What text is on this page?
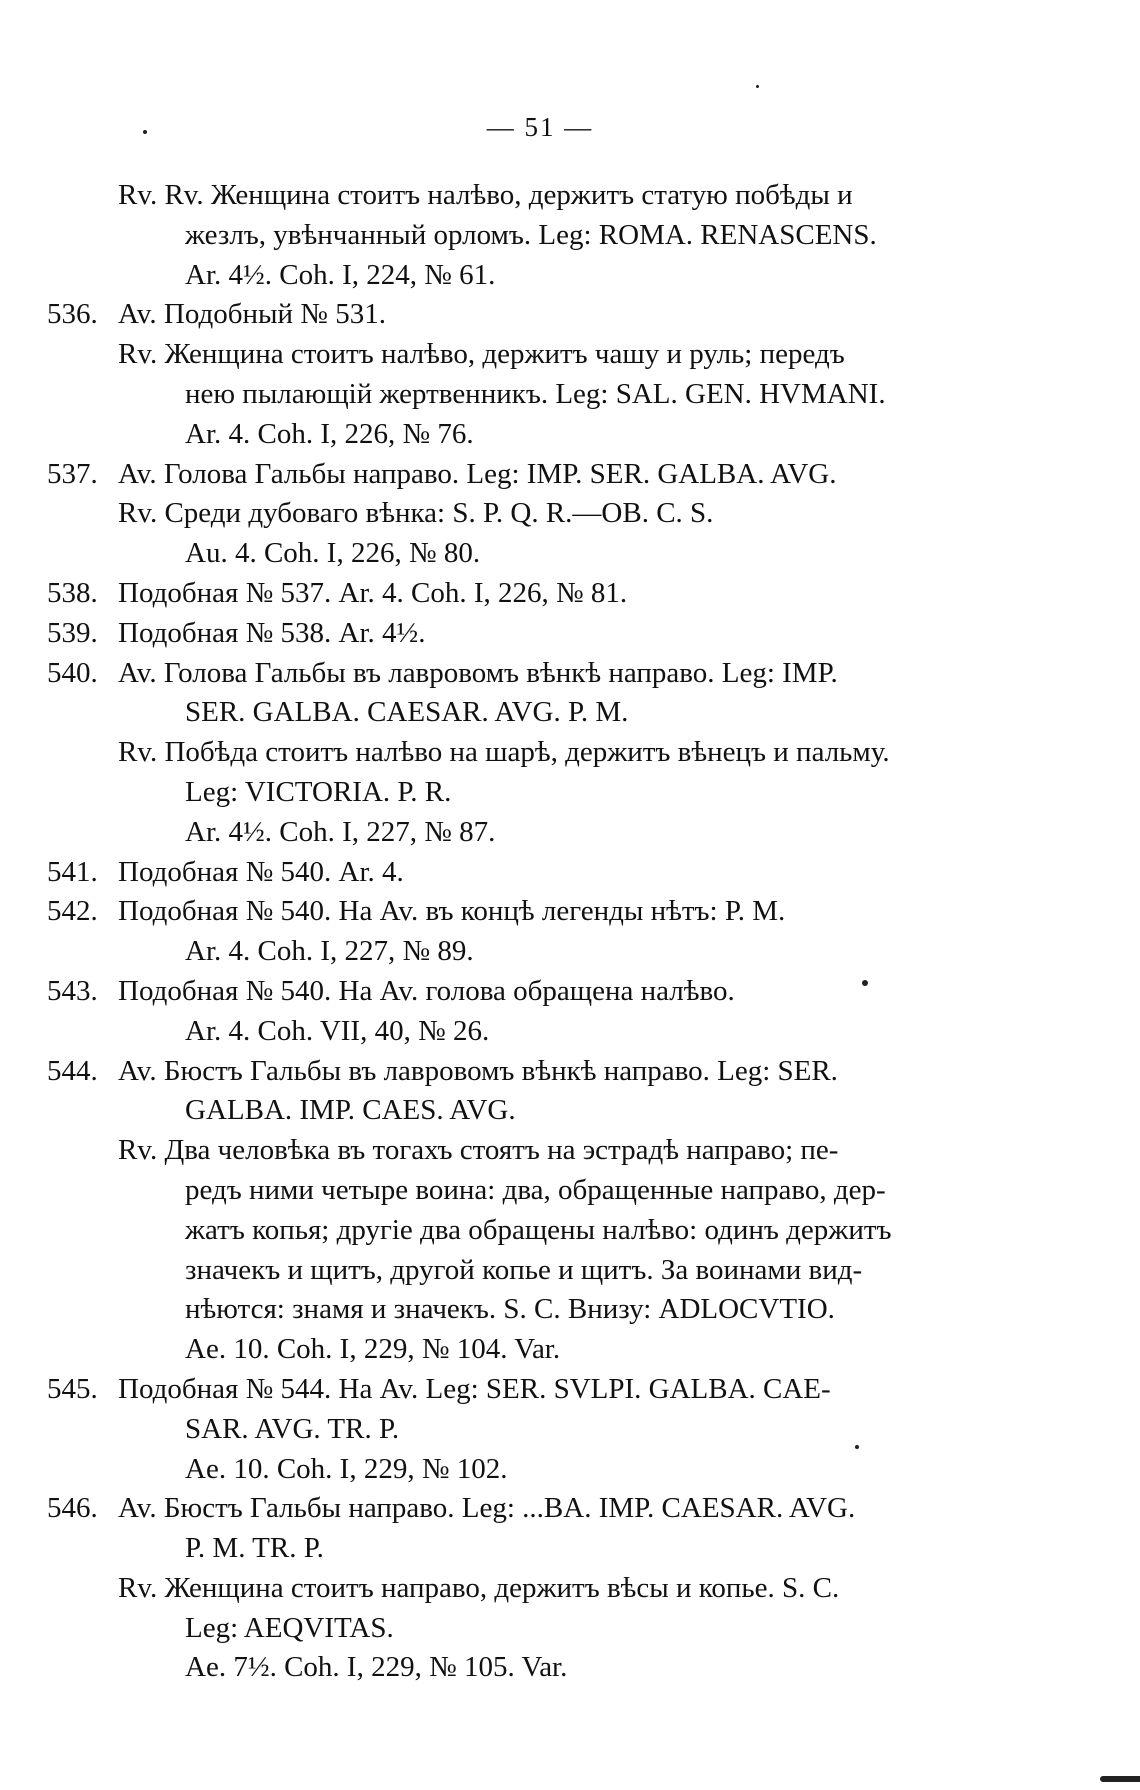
— 51 —
Rv. Rv. Женщина стоитъ налѣво, держитъ статую побѣды и
жезлъ, увѣнчанный орломъ. Leg: ROMA. RENASCENS.
Ar. 4½. Coh. I, 224, № 61.
536. Av. Подобный № 531.
Rv. Женщина стоитъ налѣво, держитъ чашу и руль; передъ
нею пылающій жертвенникъ. Leg: SAL. GEN. HVMANI.
Ar. 4. Coh. I, 226, № 76.
537. Av. Голова Гальбы направо. Leg: IMP. SER. GALBA. AVG.
Rv. Среди дубоваго вѣнка: S. P. Q. R.—OB. C. S.
Au. 4. Coh. I, 226, № 80.
538. Подобная № 537. Ar. 4. Coh. I, 226, № 81.
539. Подобная № 538. Ar. 4½.
540. Av. Голова Гальбы въ лавровомъ вѣнкѣ направо. Leg: IMP.
SER. GALBA. CAESAR. AVG. P. M.
Rv. Побѣда стоитъ налѣво на шарѣ, держитъ вѣнецъ и пальму.
Leg: VICTORIA. P. R.
Ar. 4½. Coh. I, 227, № 87.
541. Подобная № 540. Ar. 4.
542. Подобная № 540. На Av. въ концѣ легенды нѣтъ: P. M.
Ar. 4. Coh. I, 227, № 89.
543. Подобная № 540. На Av. голова обращена налѣво.
Ar. 4. Coh. VII, 40, № 26.
544. Av. Бюстъ Гальбы въ лавровомъ вѣнкѣ направо. Leg: SER.
GALBA. IMP. CAES. AVG.
Rv. Два человѣка въ тогахъ стоятъ на эстрадѣ направо; пе-
редъ ними четыре воина: два, обращенные направо, дер-
жатъ копья; другіе два обращены налѣво: одинъ держитъ
значекъ и щитъ, другой копье и щитъ. За воинами вид-
нѣются: знамя и значекъ. S. C. Внизу: ADLOCVTIO.
Ae. 10. Coh. I, 229, № 104. Var.
545. Подобная № 544. На Av. Leg: SER. SVLPI. GALBA. CAE-
SAR. AVG. TR. P.
Ae. 10. Coh. I, 229, № 102.
546. Av. Бюстъ Гальбы направо. Leg: ...BA. IMP. CAESAR. AVG.
P. M. TR. P.
Rv. Женщина стоитъ направо, держитъ вѣсы и копье. S. C.
Leg: AEQVITAS.
Ae. 7½. Coh. I, 229, № 105. Var.
